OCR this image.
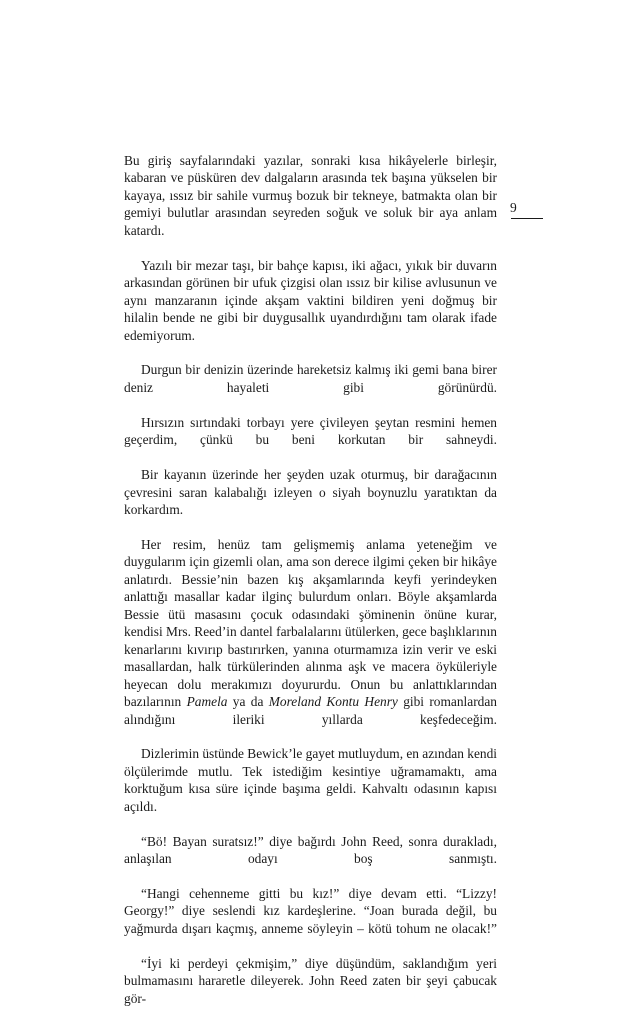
9

Bu giriş sayfalarındaki yazılar, sonraki kısa hikâyelerle birleşir, kabaran ve püsküren dev dalgaların arasında tek başına yükselen bir kayaya, ıssız bir sahile vurmuş bozuk bir tekneye, batmakta olan bir gemiyi bulutlar arasından seyreden soğuk ve soluk bir aya anlam katardı.

Yazılı bir mezar taşı, bir bahçe kapısı, iki ağacı, yıkık bir duvarın arkasından görünen bir ufuk çizgisi olan ıssız bir kilise avlusunun ve aynı manzaranın içinde akşam vaktini bildiren yeni doğmuş bir hilalin bende ne gibi bir duygusallık uyandırdığını tam olarak ifade edemiyorum.

Durgun bir denizin üzerinde hareketsiz kalmış iki gemi bana birer deniz hayaleti gibi görünürdü.

Hırsızın sırtındaki torbayı yere çivileyen şeytan resmini hemen geçerdim, çünkü bu beni korkutan bir sahneydi.

Bir kayanın üzerinde her şeyden uzak oturmuş, bir darağacının çevresini saran kalabalığı izleyen o siyah boynuzlu yaratıktan da korkardım.

Her resim, henüz tam gelişmemiş anlama yeteneğim ve duygularım için gizemli olan, ama son derece ilgimi çeken bir hikâye anlatırdı. Bessie’nin bazen kış akşamlarında keyfi yerindeyken anlattığı masallar kadar ilginç bulurdum onları. Böyle akşamlarda Bessie ütü masasını çocuk odasındaki şöminenin önüne kurar, kendisi Mrs. Reed’in dantel farbalalarını ütülerken, gece başlıklarının kenarlarını kıvırıp bastırırken, yanına oturmamıza izin verir ve eski masallardan, halk türkülerinden alınma aşk ve macera öyküleriyle heyecan dolu merakımızı doyururdu. Onun bu anlattıklarından bazılarının Pamela ya da Moreland Kontu Henry gibi romanlardan alındığını ileriki yıllarda keşfedeceğim.

Dizlerimin üstünde Bewick’le gayet mutluydum, en azından kendi ölçülerimde mutlu. Tek istediğim kesintiye uğramamaktı, ama korktuğum kısa süre içinde başıma geldi. Kahvaltı odasının kapısı açıldı.

“Bö! Bayan suratsız!” diye bağırdı John Reed, sonra durakladı, anlaşılan odayı boş sanmıştı.

“Hangi cehenneme gitti bu kız!” diye devam etti. “Lizzy! Georgy!” diye seslendi kız kardeşlerine. “Joan burada değil, bu yağmurda dışarı kaçmış, anneme söyleyin – kötü tohum ne olacak!”

“İyi ki perdeyi çekmişim,” diye düşündüm, saklandığım yeri bulmamasını hararetle dileyerek. John Reed zaten bir şeyi çabucak gör-
